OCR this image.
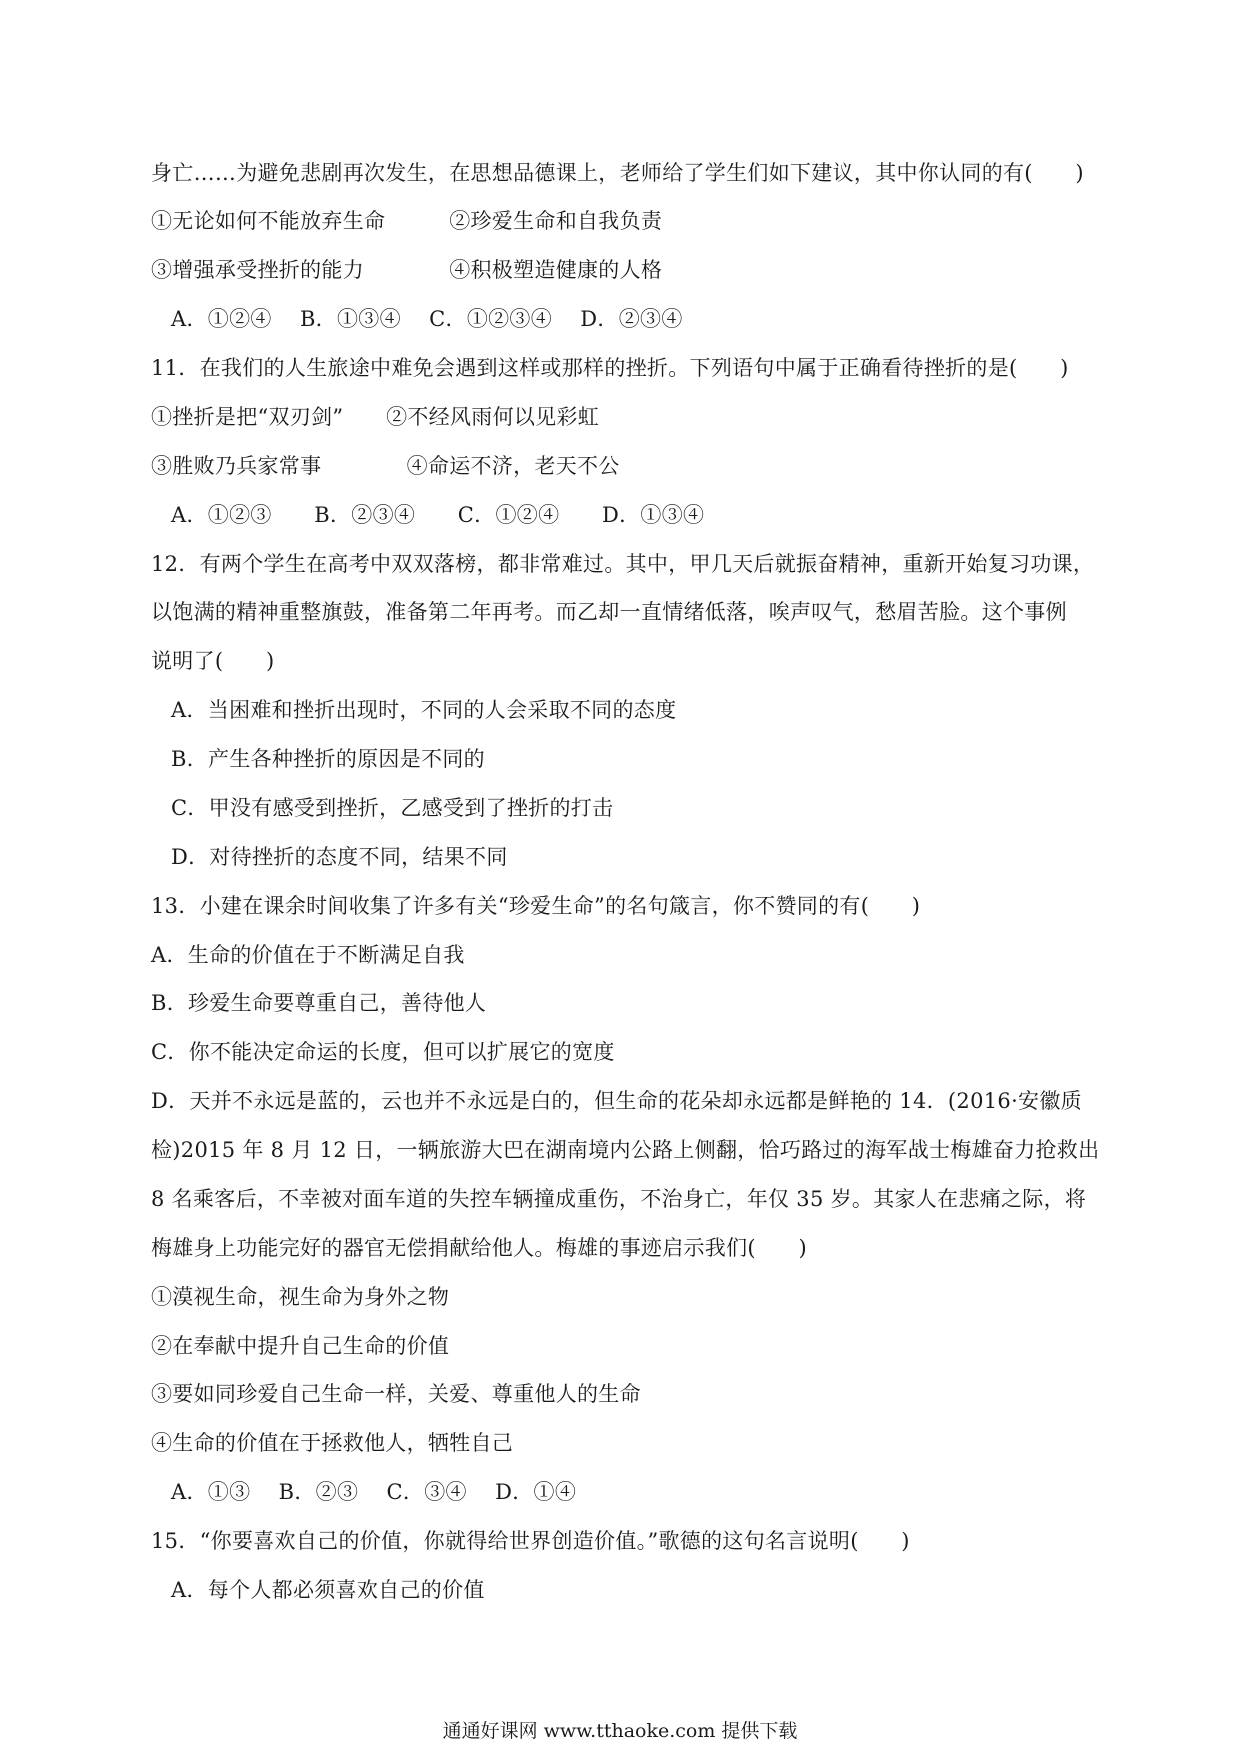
身亡……为避免悲剧再次发生，在思想品德课上，老师给了学生们如下建议，其中你认同的有(　　)

①无论如何不能放弃生命　　　②珍爱生命和自我负责

③增强承受挫折的能力　　　　④积极塑造健康的人格

A．①②④　 B．①③④　 C．①②③④　 D．②③④

11．在我们的人生旅途中难免会遇到这样或那样的挫折。下列语句中属于正确看待挫折的是(　　)

①挫折是把“双刃剑”　　②不经风雨何以见彩虹

③胜败乃兵家常事　　　　④命运不济，老天不公

A．①②③　　B．②③④　　C．①②④　　D．①③④

12．有两个学生在高考中双双落榜，都非常难过。其中，甲几天后就振奋精神，重新开始复习功课，

以饱满的精神重整旗鼓，准备第二年再考。而乙却一直情绪低落，唉声叹气，愁眉苦脸。这个事例

说明了(　　)

A．当困难和挫折出现时，不同的人会采取不同的态度

B．产生各种挫折的原因是不同的

C．甲没有感受到挫折，乙感受到了挫折的打击

D．对待挫折的态度不同，结果不同

13．小建在课余时间收集了许多有关“珍爱生命”的名句箴言，你不赞同的有(　　)

A．生命的价值在于不断满足自我

B．珍爱生命要尊重自己，善待他人

C．你不能决定命运的长度，但可以扩展它的宽度

D．天并不永远是蓝的，云也并不永远是白的，但生命的花朵却永远都是鲜艳的 14．(2016·安徽质

检)2015 年 8 月 12 日，一辆旅游大巴在湖南境内公路上侧翻，恰巧路过的海军战士梅雄奋力抢救出

8 名乘客后，不幸被对面车道的失控车辆撞成重伤，不治身亡，年仅 35 岁。其家人在悲痛之际，将

梅雄身上功能完好的器官无偿捐献给他人。梅雄的事迹启示我们(　　)

①漠视生命，视生命为身外之物

②在奉献中提升自己生命的价值

③要如同珍爱自己生命一样，关爱、尊重他人的生命

④生命的价值在于拯救他人，牺牲自己

A．①③　 B．②③　 C．③④　 D．①④

15．“你要喜欢自己的价值，你就得给世界创造价值。”歌德的这句名言说明(　　)

A．每个人都必须喜欢自己的价值

通通好课网 www.tthaoke.com 提供下载
